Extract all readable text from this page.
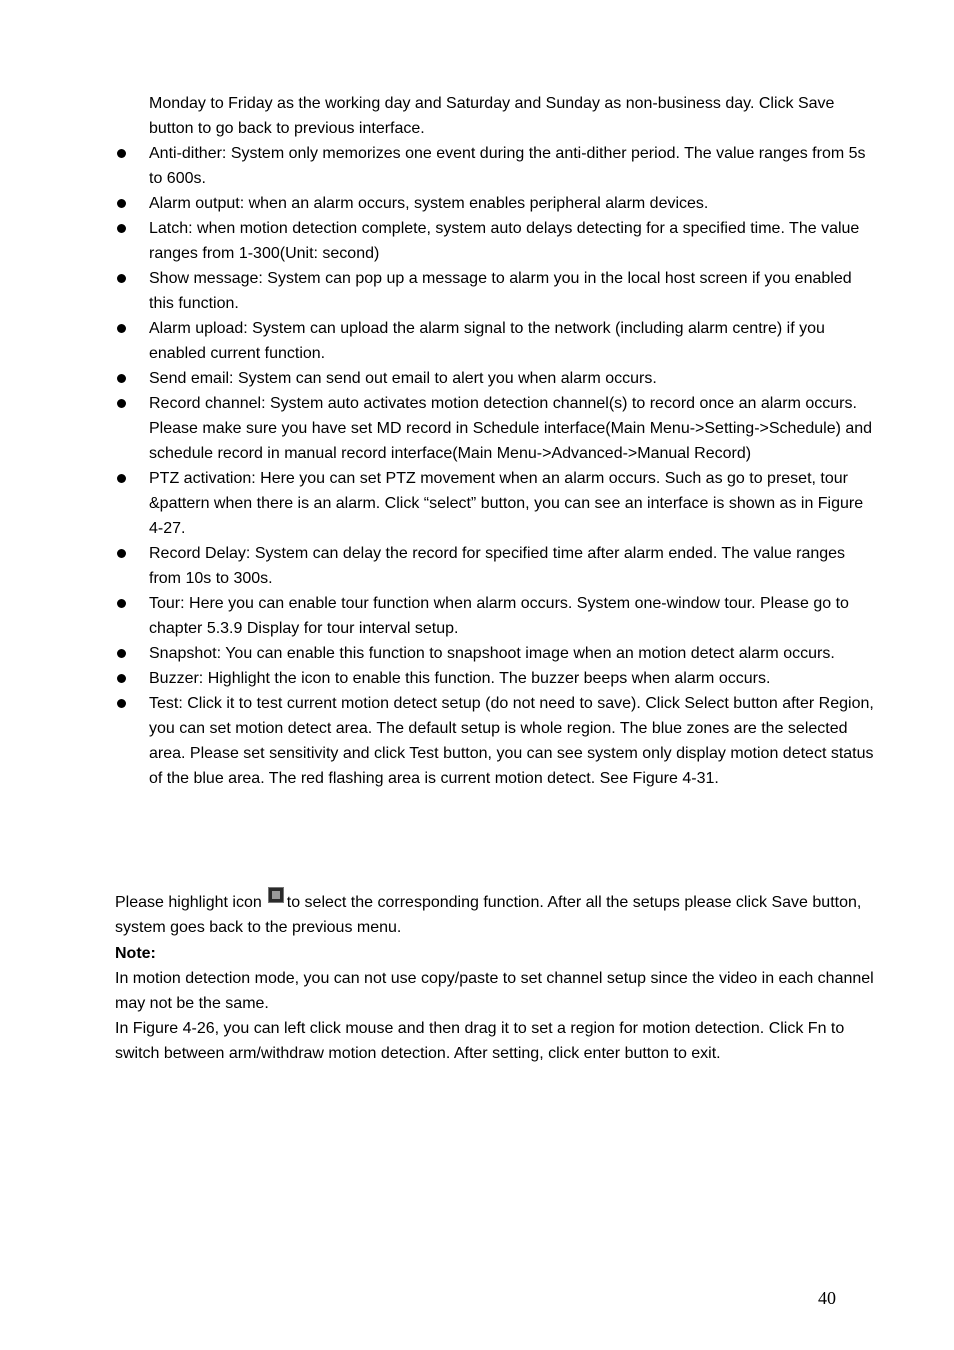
Monday to Friday as the working day and Saturday and Sunday as non-business day. Click Save button to go back to previous interface.
Anti-dither: System only memorizes one event during the anti-dither period. The value ranges from 5s to 600s.
Alarm output: when an alarm occurs, system enables peripheral alarm devices.
Latch: when motion detection complete, system auto delays detecting for a specified time. The value ranges from 1-300(Unit: second)
Show message: System can pop up a message to alarm you in the local host screen if you enabled this function.
Alarm upload: System can upload the alarm signal to the network (including alarm centre) if you enabled current function.
Send email: System can send out email to alert you when alarm occurs.
Record channel: System auto activates motion detection channel(s) to record once an alarm occurs. Please make sure you have set MD record in Schedule interface(Main Menu->Setting->Schedule) and schedule record in manual record interface(Main Menu->Advanced->Manual Record)
PTZ activation: Here you can set PTZ movement when an alarm occurs. Such as go to preset, tour &pattern when there is an alarm. Click “select” button, you can see an interface is shown as in Figure 4-27.
Record Delay: System can delay the record for specified time after alarm ended. The value ranges from 10s to 300s.
Tour: Here you can enable tour function when alarm occurs. System one-window tour. Please go to chapter 5.3.9 Display for tour interval setup.
Snapshot: You can enable this function to snapshoot image when an motion detect alarm occurs.
Buzzer: Highlight the icon to enable this function. The buzzer beeps when alarm occurs.
Test: Click it to test current motion detect setup (do not need to save). Click Select button after Region, you can set motion detect area. The default setup is whole region. The blue zones are the selected area. Please set sensitivity and click Test button, you can see system only display motion detect status of the blue area. The red flashing area is current motion detect. See Figure 4-31.
Please highlight icon to select the corresponding function. After all the setups please click Save button, system goes back to the previous menu.
Note:
In motion detection mode, you can not use copy/paste to set channel setup since the video in each channel may not be the same.
In Figure 4-26, you can left click mouse and then drag it to set a region for motion detection. Click Fn to switch between arm/withdraw motion detection. After setting, click enter button to exit.
40
